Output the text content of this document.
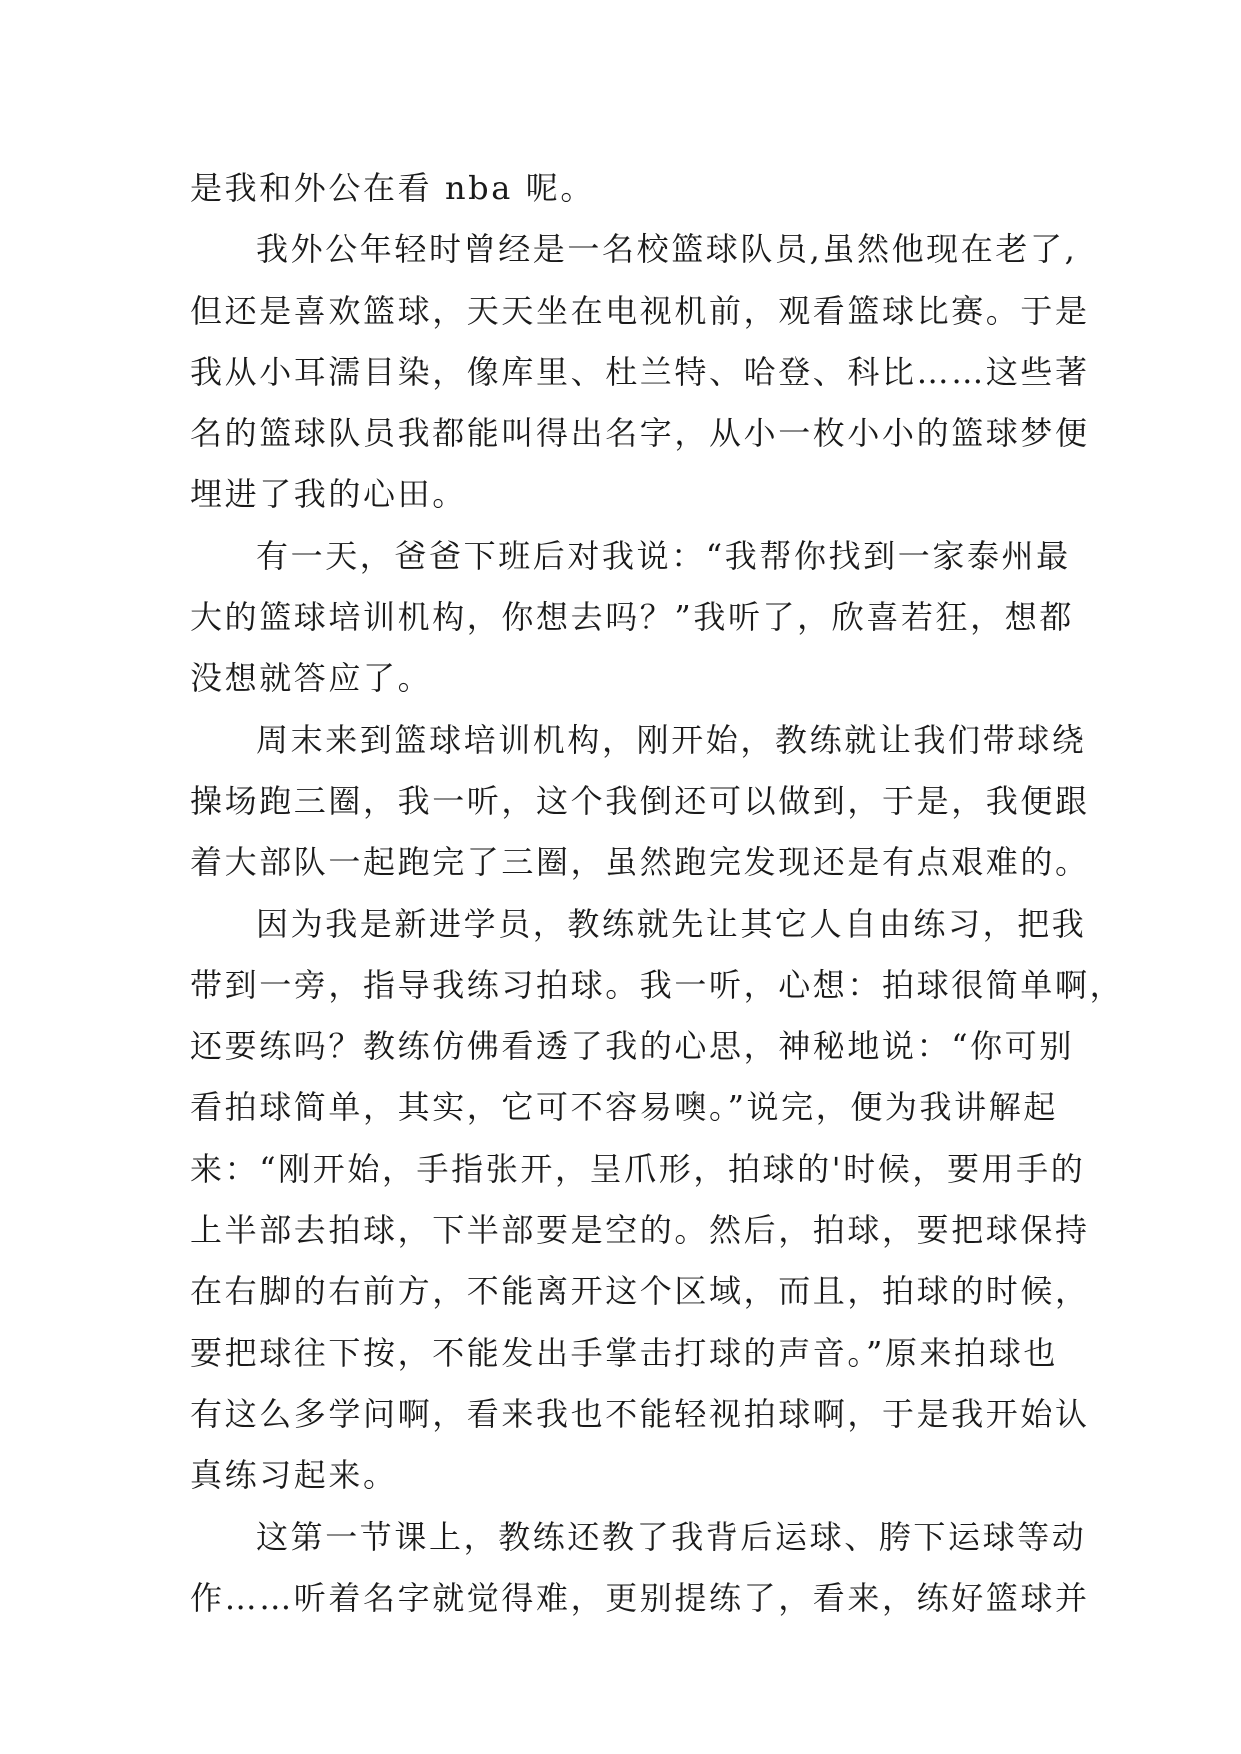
是我和外公在看 nba 呢。
我外公年轻时曾经是一名校篮球队员,虽然他现在老了,
但还是喜欢篮球，天天坐在电视机前，观看篮球比赛。于是
我从小耳濡目染，像库里、杜兰特、哈登、科比……这些著
名的篮球队员我都能叫得出名字，从小一枚小小的篮球梦便
埋进了我的心田。
有一天，爸爸下班后对我说：“我帮你找到一家泰州最
大的篮球培训机构，你想去吗？”我听了，欣喜若狂，想都
没想就答应了。
周末来到篮球培训机构，刚开始，教练就让我们带球绕
操场跑三圈，我一听，这个我倒还可以做到，于是，我便跟
着大部队一起跑完了三圈，虽然跑完发现还是有点艰难的。
因为我是新进学员，教练就先让其它人自由练习，把我
带到一旁，指导我练习拍球。我一听，心想：拍球很简单啊，
还要练吗？教练仿佛看透了我的心思，神秘地说：“你可别
看拍球简单，其实，它可不容易噢。”说完，便为我讲解起
来：“刚开始，手指张开，呈爪形，拍球的'时候，要用手的
上半部去拍球，下半部要是空的。然后，拍球，要把球保持
在右脚的右前方，不能离开这个区域，而且，拍球的时候，
要把球往下按，不能发出手掌击打球的声音。”原来拍球也
有这么多学问啊，看来我也不能轻视拍球啊，于是我开始认
真练习起来。
这第一节课上，教练还教了我背后运球、胯下运球等动
作……听着名字就觉得难，更别提练了，看来，练好篮球并
